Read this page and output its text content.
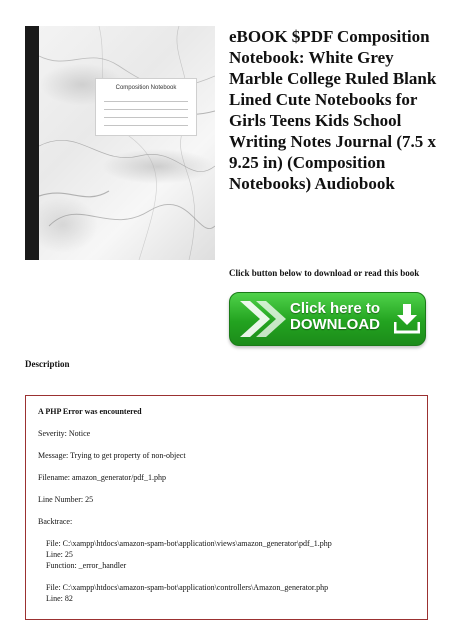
Composition Notebook
eBOOK $PDF Composition Notebook: White Grey Marble College Ruled Blank Lined Cute Notebooks for Girls Teens Kids School Writing Notes Journal (7.5 x 9.25 in) (Composition Notebooks) Audiobook
Click button below to download or read this book
Click here to
DOWNLOAD
Description
A PHP Error was encountered
Severity: Notice
Message: Trying to get property of non-object
Filename: amazon_generator/pdf_1.php
Line Number: 25
Backtrace:
File: C:\xampp\htdocs\amazon-spam-bot\application\views\amazon_generator\pdf_1.php
Line: 25
Function: _error_handler
File: C:\xampp\htdocs\amazon-spam-bot\application\controllers\Amazon_generator.php
Line: 82
